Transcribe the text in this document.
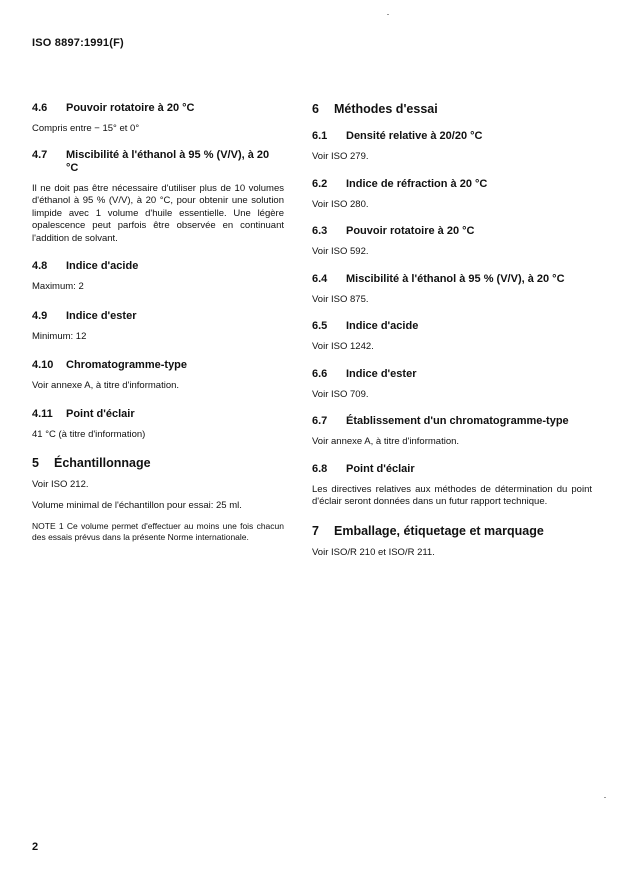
ISO 8897:1991(F)
4.6	Pouvoir rotatoire à 20 °C
Compris entre − 15° et 0°
4.7	Miscibilité à l'éthanol à 95 % (V/V), à 20 °C
Il ne doit pas être nécessaire d'utiliser plus de 10 volumes d'éthanol à 95 % (V/V), à 20 °C, pour obtenir une solution limpide avec 1 volume d'huile essentielle. Une légère opalescence peut parfois être observée en continuant l'addition de solvant.
4.8	Indice d'acide
Maximum: 2
4.9	Indice d'ester
Minimum: 12
4.10	Chromatogramme-type
Voir annexe A, à titre d'information.
4.11	Point d'éclair
41 °C (à titre d'information)
5	Échantillonnage
Voir ISO 212.
Volume minimal de l'échantillon pour essai: 25 ml.
NOTE 1 Ce volume permet d'effectuer au moins une fois chacun des essais prévus dans la présente Norme internationale.
6	Méthodes d'essai
6.1	Densité relative à 20/20 °C
Voir ISO 279.
6.2	Indice de réfraction à 20 °C
Voir ISO 280.
6.3	Pouvoir rotatoire à 20 °C
Voir ISO 592.
6.4	Miscibilité à l'éthanol à 95 % (V/V), à 20 °C
Voir ISO 875.
6.5	Indice d'acide
Voir ISO 1242.
6.6	Indice d'ester
Voir ISO 709.
6.7	Établissement d'un chromatogramme-type
Voir annexe A, à titre d'information.
6.8	Point d'éclair
Les directives relatives aux méthodes de détermination du point d'éclair seront données dans un futur rapport technique.
7	Emballage, étiquetage et marquage
Voir ISO/R 210 et ISO/R 211.
2
